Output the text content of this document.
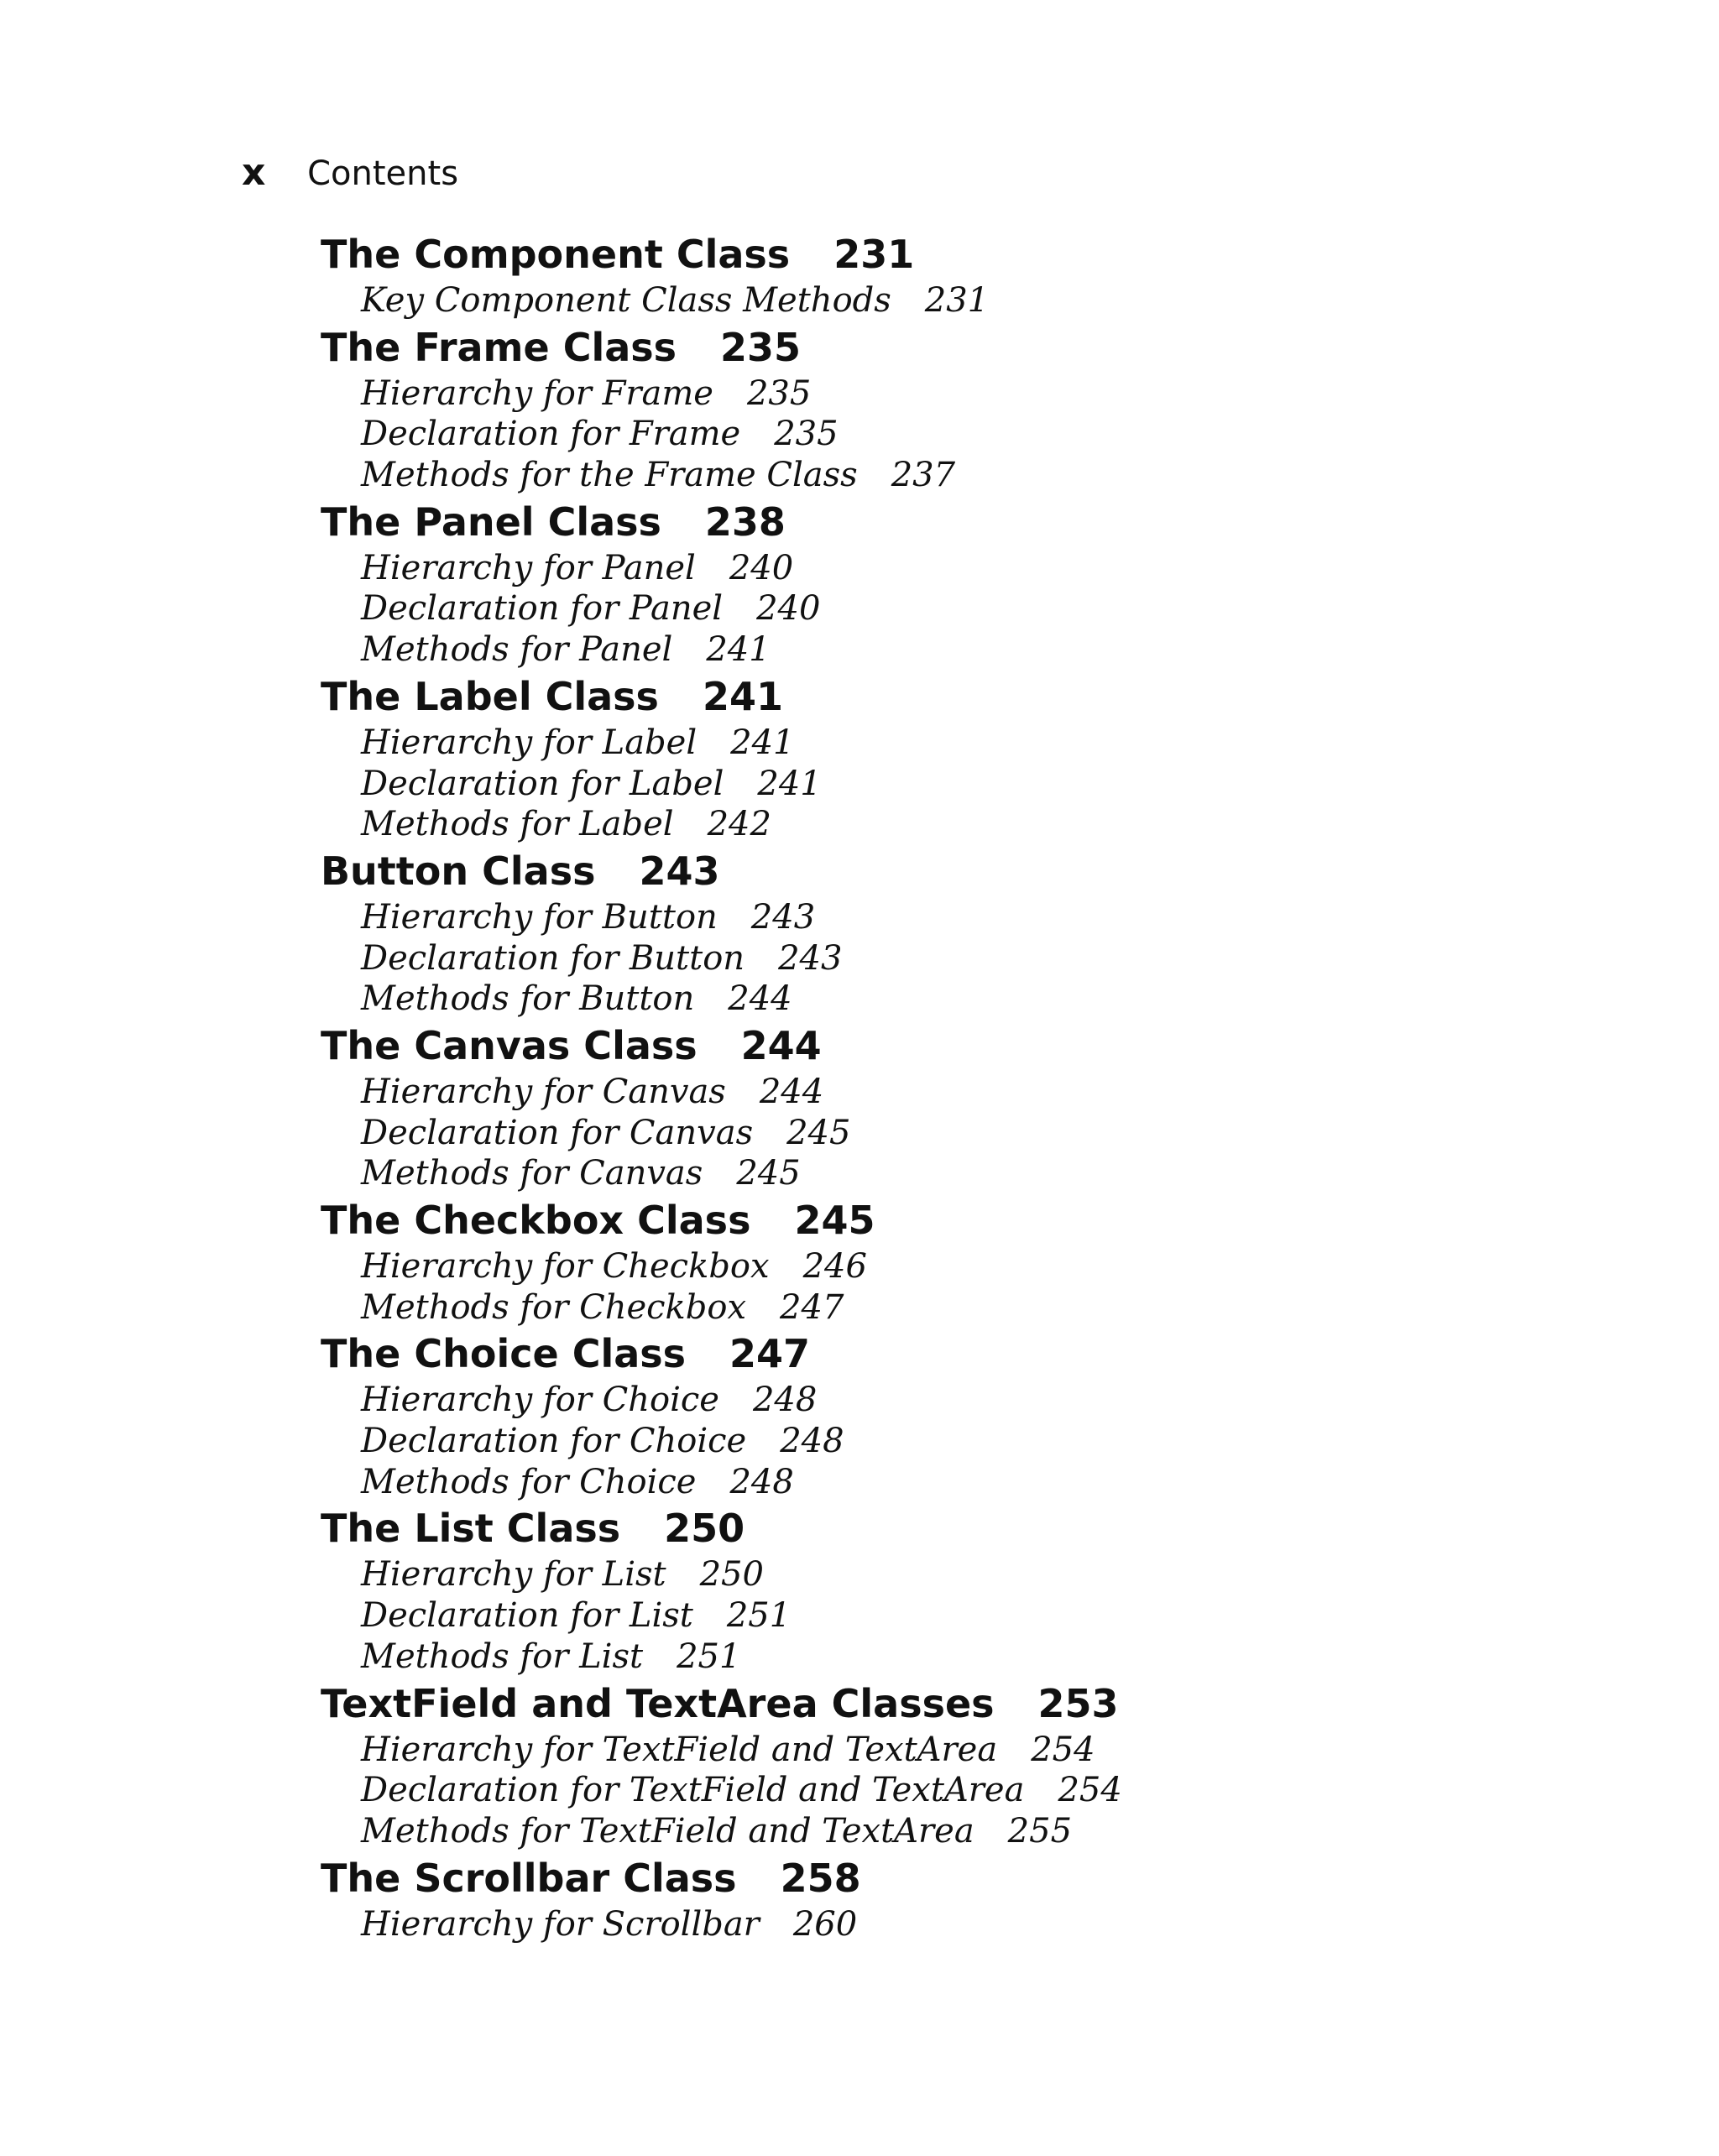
x Contents
The Component Class 231
Key Component Class Methods 231
The Frame Class 235
Hierarchy for Frame 235
Declaration for Frame 235
Methods for the Frame Class 237
The Panel Class 238
Hierarchy for Panel 240
Declaration for Panel 240
Methods for Panel 241
The Label Class 241
Hierarchy for Label 241
Declaration for Label 241
Methods for Label 242
Button Class 243
Hierarchy for Button 243
Declaration for Button 243
Methods for Button 244
The Canvas Class 244
Hierarchy for Canvas 244
Declaration for Canvas 245
Methods for Canvas 245
The Checkbox Class 245
Hierarchy for Checkbox 246
Methods for Checkbox 247
The Choice Class 247
Hierarchy for Choice 248
Declaration for Choice 248
Methods for Choice 248
The List Class 250
Hierarchy for List 250
Declaration for List 251
Methods for List 251
TextField and TextArea Classes 253
Hierarchy for TextField and TextArea 254
Declaration for TextField and TextArea 254
Methods for TextField and TextArea 255
The Scrollbar Class 258
Hierarchy for Scrollbar 260
